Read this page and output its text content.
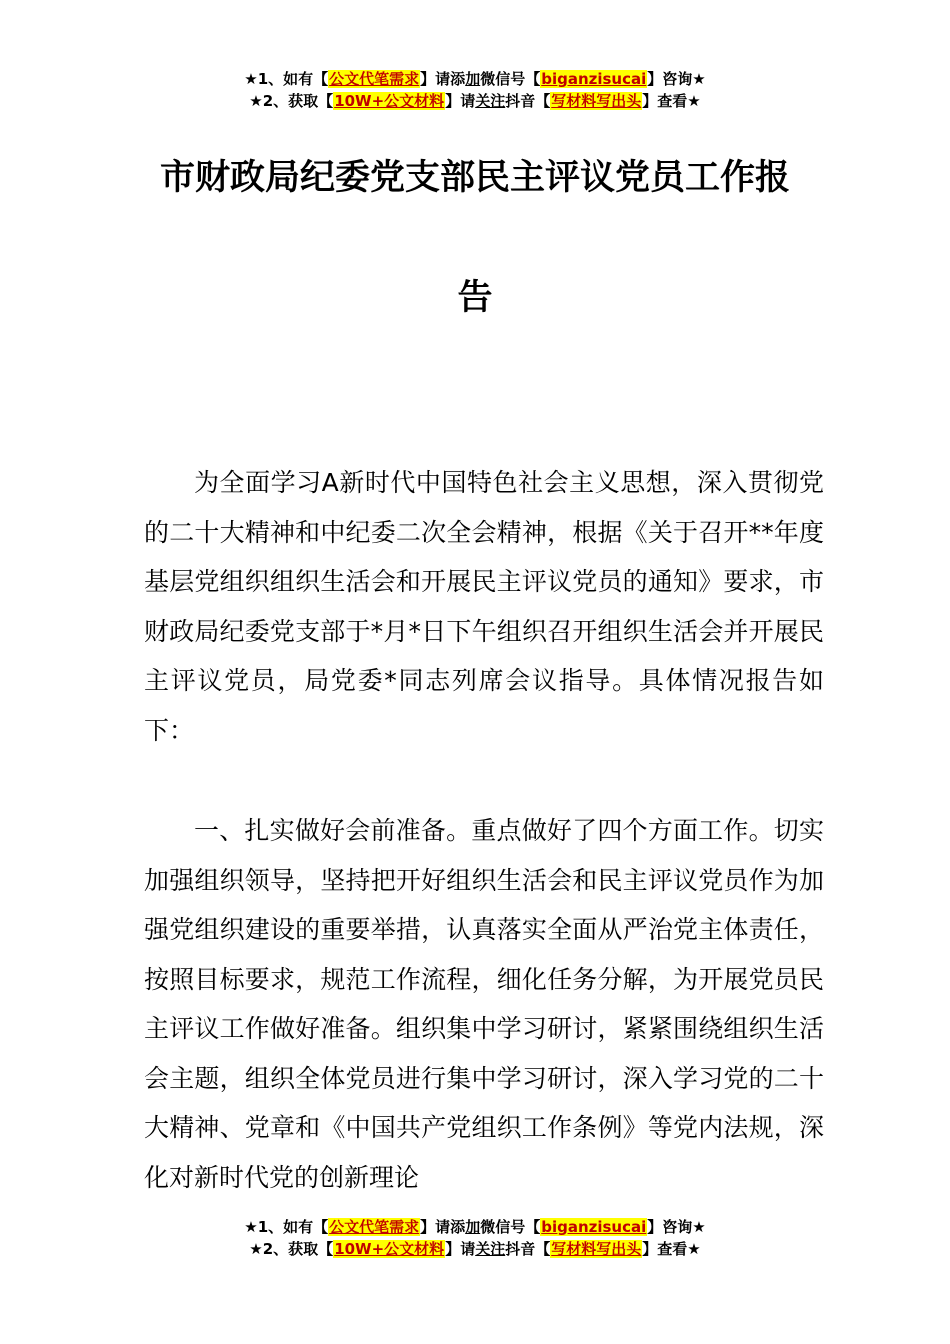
★1、如有【公文代笔需求】请添加微信号【biganzisucai】咨询★
★2、获取【10W+公文材料】请关注抖音【写材料写出头】查看★
市财政局纪委党支部民主评议党员工作报
告

为全面学习A新时代中国特色社会主义思想，深入贯彻党的二十大精神和中纪委二次全会精神，根据《关于召开**年度基层党组织组织生活会和开展民主评议党员的通知》要求，市财政局纪委党支部于*月*日下午组织召开组织生活会并开展民主评议党员，局党委*同志列席会议指导。具体情况报告如下：

一、扎实做好会前准备。重点做好了四个方面工作。切实加强组织领导，坚持把开好组织生活会和民主评议党员作为加强党组织建设的重要举措，认真落实全面从严治党主体责任，按照目标要求，规范工作流程，细化任务分解，为开展党员民主评议工作做好准备。组织集中学习研讨，紧紧围绕组织生活会主题，组织全体党员进行集中学习研讨，深入学习党的二十大精神、党章和《中国共产党组织工作条例》等党内法规，深化对新时代党的创新理论

★1、如有【公文代笔需求】请添加微信号【biganzisucai】咨询★
★2、获取【10W+公文材料】请关注抖音【写材料写出头】查看★
